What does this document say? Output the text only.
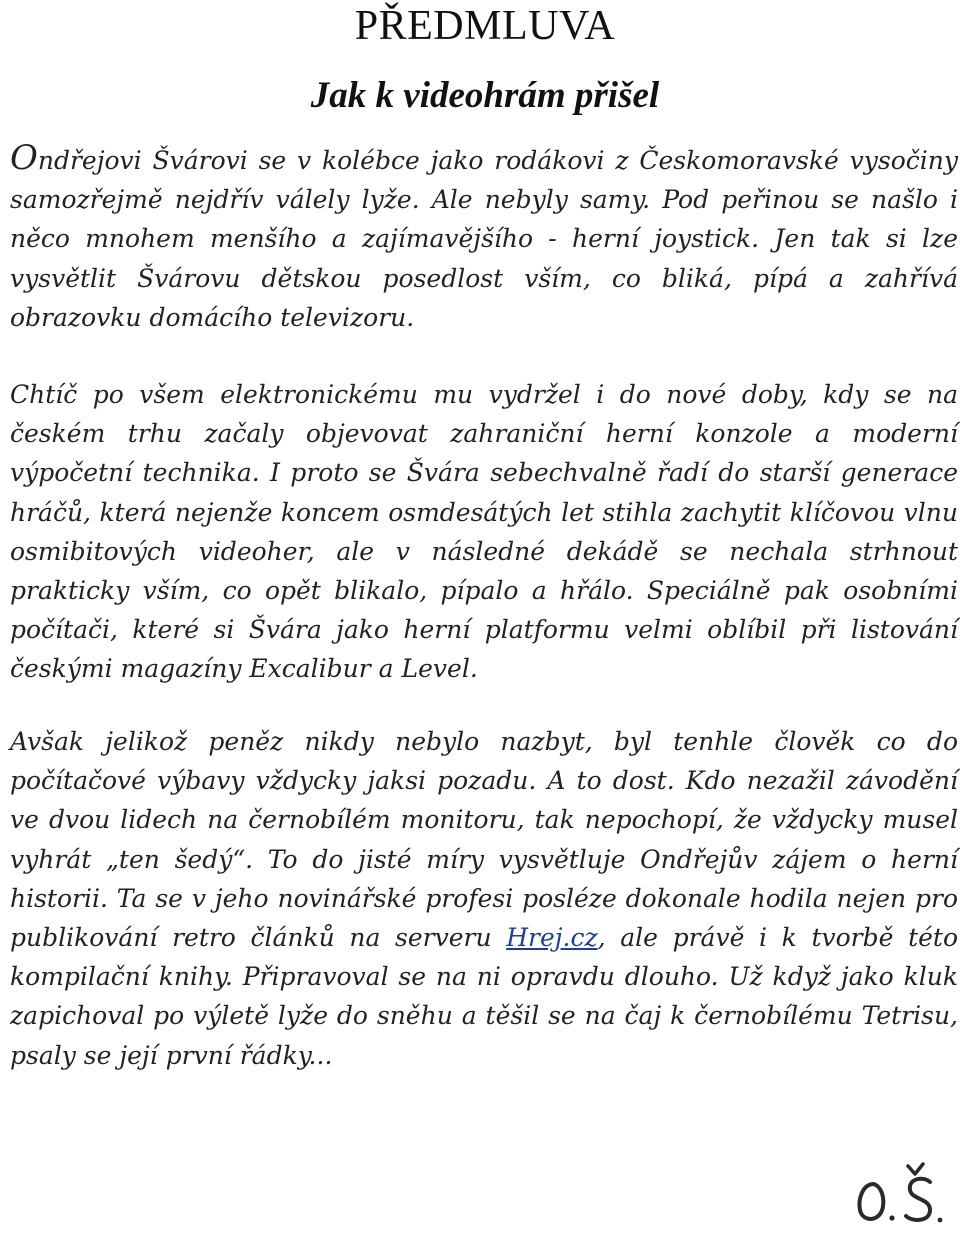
PŘEDMLUVA
Jak k videohrám přišel

Ondřejovi Švárovi se v kolébce jako rodákovi z Českomoravské vysočiny samozřejmě nejdřív válely lyže. Ale nebyly samy. Pod peřinou se našlo i něco mnohem menšího a zajímavějšího - herní joystick. Jen tak si lze vysvětlit Švárovu dětskou posedlost vším, co bliká, pípá a zahřívá obrazovku domácího televizoru.

Chtíč po všem elektronickému mu vydržel i do nové doby, kdy se na českém trhu začaly objevovat zahraniční herní konzole a moderní výpočetní technika. I proto se Švára sebechvalně řadí do starší generace hráčů, která nejenže koncem osmdesátých let stihla zachytit klíčovou vlnu osmibitových videoher, ale v následné dekádě se nechala strhnout prakticky vším, co opět blikalo, pípalo a hřálo. Speciálně pak osobními počítači, které si Švára jako herní platformu velmi oblíbil při listování českými magazíny Excalibur a Level.

Avšak jelikož peněz nikdy nebylo nazbyt, byl tenhle člověk co do počítačové výbavy vždycky jaksi pozadu. A to dost. Kdo nezažil závodění ve dvou lidech na černobílém monitoru, tak nepochopí, že vždycky musel vyhrát „ten šedý“. To do jisté míry vysvětluje Ondřejův zájem o herní historii. Ta se v jeho novinářské profesi posléze dokonale hodila nejen pro publikování retro článků na serveru Hrej.cz, ale právě i k tvorbě této kompilační knihy. Připravoval se na ni opravdu dlouho. Už když jako kluk zapichoval po výletě lyže do sněhu a těšil se na čaj k černobílému Tetrisu, psaly se její první řádky...
